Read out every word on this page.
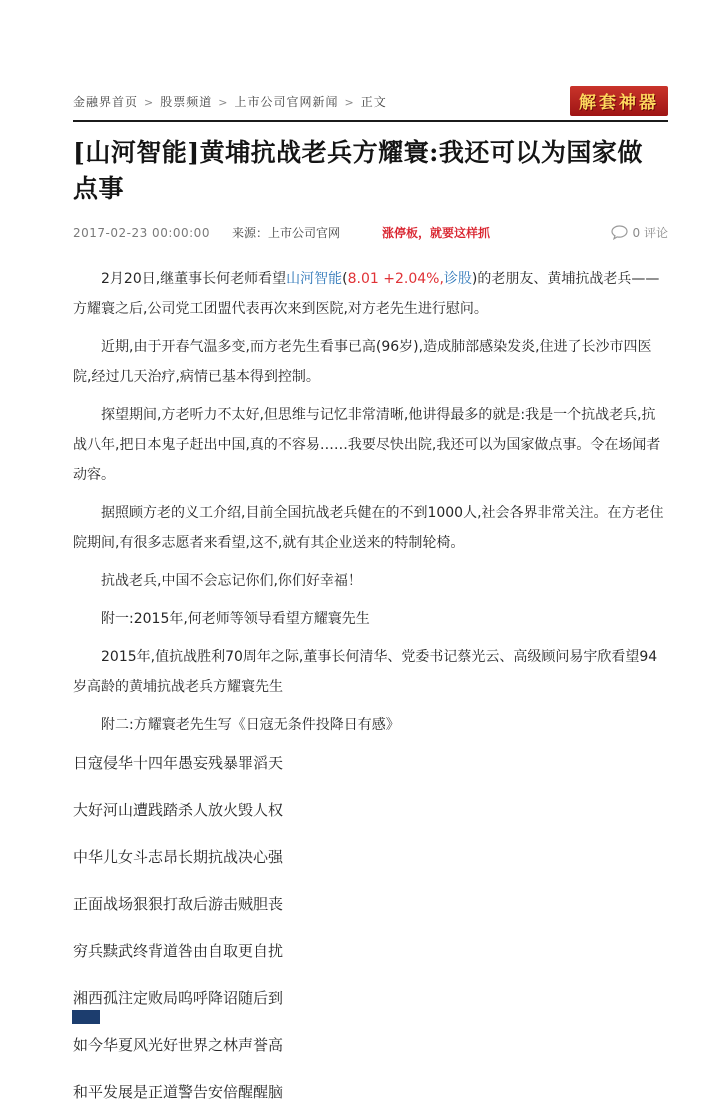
金融界首页 > 股票频道 > 上市公司官网新闻 > 正文	解套神器
[山河智能]黄埔抗战老兵方耀寰:我还可以为国家做点事
2017-02-23 00:00:00 来源：上市公司官网	涨停板，就要这样抓	0 评论

2月20日,继董事长何老师看望山河智能(8.01 +2.04%,诊股)的老朋友、黄埔抗战老兵——方耀寰之后,公司党工团盟代表再次来到医院,对方老先生进行慰问。

近期,由于开春气温多变,而方老先生看事已高(96岁),造成肺部感染发炎,住进了长沙市四医院,经过几天治疗,病情已基本得到控制。

探望期间,方老听力不太好,但思维与记忆非常清晰,他讲得最多的就是:我是一个抗战老兵,抗战八年,把日本鬼子赶出中国,真的不容易……我要尽快出院,我还可以为国家做点事。令在场闻者动容。

据照顾方老的义工介绍,目前全国抗战老兵健在的不到1000人,社会各界非常关注。在方老住院期间,有很多志愿者来看望,这不,就有其企业送来的特制轮椅。

抗战老兵,中国不会忘记你们,你们好幸福！

附一:2015年,何老师等领导看望方耀寰先生

2015年,值抗战胜利70周年之际,董事长何清华、党委书记蔡光云、高级顾问易宇欣看望94岁高龄的黄埔抗战老兵方耀寰先生

附二:方耀寰老先生写《日寇无条件投降日有感》

日寇侵华十四年愚妄残暴罪滔天

大好河山遭践踏杀人放火毁人权

中华儿女斗志昂长期抗战决心强

正面战场狠狠打敌后游击贼胆丧

穷兵黩武终背道咎由自取更自扰

湘西孤注定败局呜呼降诏随后到

如今华夏风光好世界之林声誉高

和平发展是正道警告安倍醒醒脑
